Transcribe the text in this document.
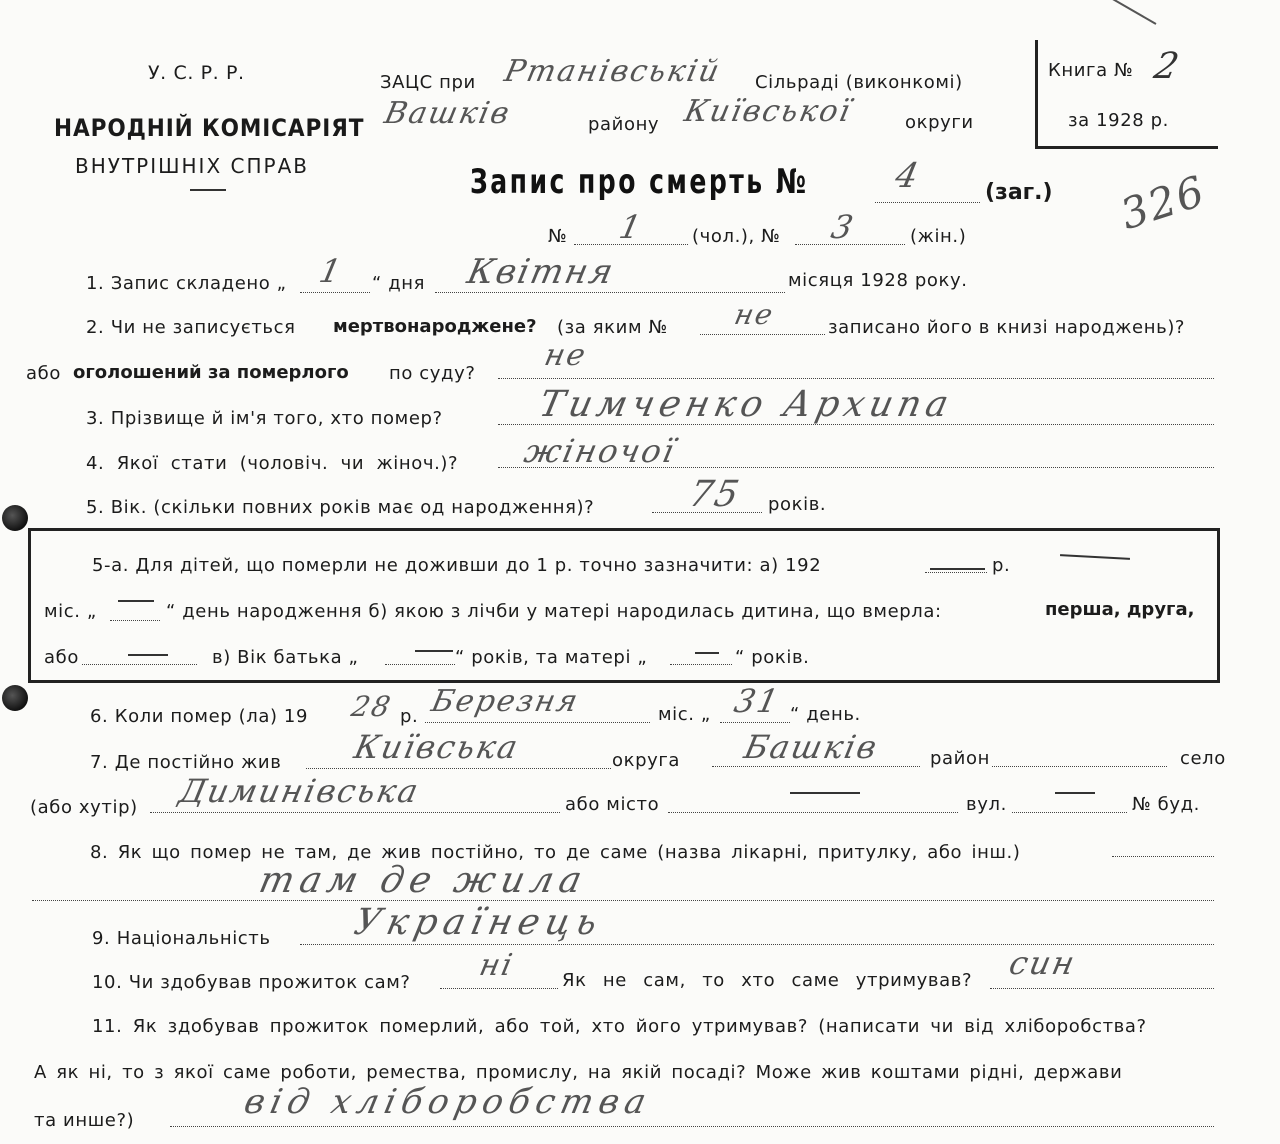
У. С. Р. Р.
НАРОДНІЙ КОМІСАРІЯТ
ВНУТРІШНІХ СПРАВ
ЗАЦС при Ртанівській Сільраді (виконкомі)
Baшків	району Київської	округи
Книга № 2
за 1928 р.
326
Запис про смерть № 4	(заг.)
№ 1	(чол.), № 3	(жін.)
1. Запис складено „ 1 “ дня Квітня	місяця 1928 року.
2. Чи не записується мертвонароджене? (за яким № не	записано його в книзі народжень)?
або оголошений за померлого по суду?
не
3. Прізвище й ім'я того, хто помер?	Тимченко Архипа
4. Якої стати (чоловіч. чи жіноч.)? жіночої
5. Вік. (скільки повних років має од народження)?	75 років.
5-а. Для дітей, що померли не доживши до 1 р. точно зазначити: а) 192	р.
міс. „	“ день народження б) якою з лічби у матері народилась дитина, що вмерла:	перша, друга,
або	в) Вік батька „	“ років, та матері „	“ років.
6. Коли помер (ла) 19 28 р. Березня	міс. „ 31 “ день.
7. Де постійно жив Київська	округа Башків	район	село
(або хутір) Диминівська	або місто	вул.	№ буд.
8. Як що помер не там, де жив постійно, то де саме (назва лікарні, притулку, або інш.)
там де жила
9. Національність Українець
10. Чи здобував прожиток сам? ні Як не сам, то хто саме утримував? син
11. Як здобував прожиток померлий, або той, хто його утримував? (написати чи від хліборобства?
А як ні, то з якої саме роботи, ремества, промислу, на якій посаді? Може жив коштами рідні, держави
та инше?)	від хліборобства
